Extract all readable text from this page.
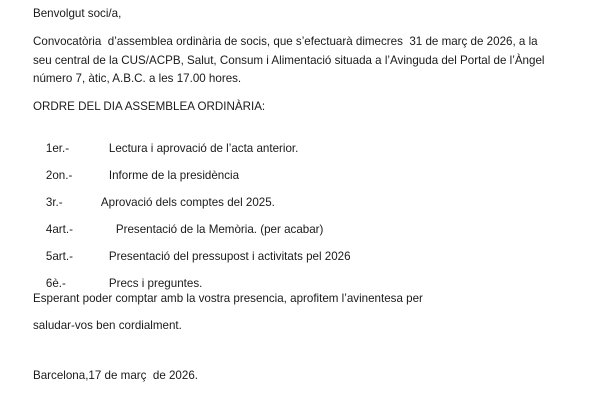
Benvolgut soci/a,
Convocatòria  d’assemblea ordinària de socis, que s’efectuarà dimecres  31 de març de 2026, a la
seu central de la CUS/ACPB, Salut, Consum i Alimentació situada a l’Avinguda del Portal de l’Àngel
número 7, àtic, A.B.C. a les 17.00 hores.
ORDRE DEL DIA ASSEMBLEA ORDINÀRIA:

1er.-	Lectura i aprovació de l’acta anterior.

2on.-	Informe de la presidència

3r.-	Aprovació dels comptes del 2025.

4art.-	Presentació de la Memòria. (per acabar)

5art.-	Presentació del pressupost i activitats pel 2026

6è.-	Precs i preguntes.

Esperant poder comptar amb la vostra presencia, aprofitem l’avinentesa per
saludar-vos ben cordialment.
Barcelona,17 de març  de 2026.
